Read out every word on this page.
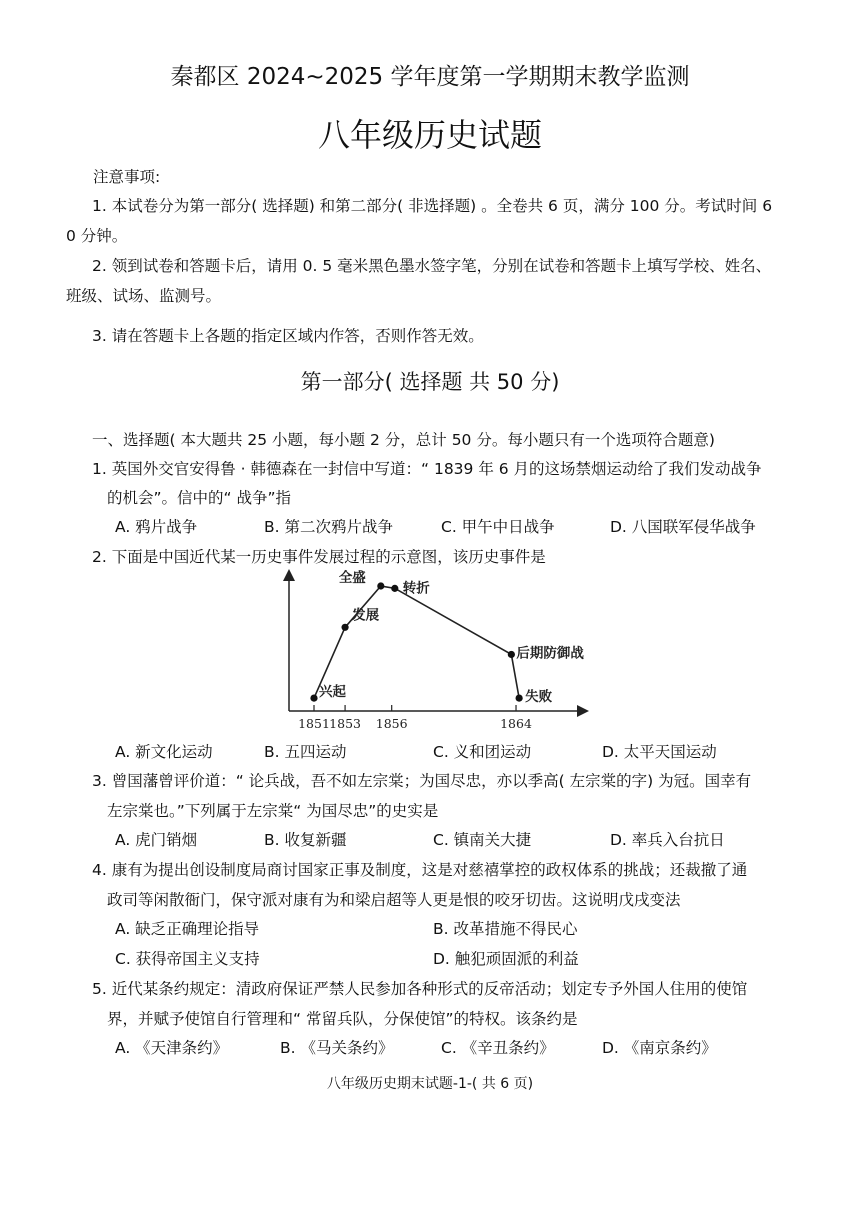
秦都区 2024~2025 学年度第一学期期末教学监测
八年级历史试题
注意事项:
1. 本试卷分为第一部分( 选择题) 和第二部分( 非选择题) 。全卷共 6 页，满分 100 分。考试时间 6
0 分钟。
2. 领到试卷和答题卡后，请用 0. 5 毫米黑色墨水签字笔，分别在试卷和答题卡上填写学校、姓名、
班级、试场、监测号。
3. 请在答题卡上各题的指定区域内作答，否则作答无效。
第一部分( 选择题 共 50 分)
一、选择题( 本大题共 25 小题，每小题 2 分，总计 50 分。每小题只有一个选项符合题意)
1. 英国外交官安得鲁 · 韩德森在一封信中写道：“ 1839 年 6 月的这场禁烟运动给了我们发动战争
的机会”。信中的“ 战争”指
A. 鸦片战争	B. 第二次鸦片战争	C. 甲午中日战争	D. 八国联军侵华战争
2. 下面是中国近代某一历史事件发展过程的示意图，该历史事件是
1851 1853 1856	1864
兴起
发展
全盛
转折
后期防御战
失败
A. 新文化运动	B. 五四运动	C. 义和团运动	D. 太平天国运动
3. 曾国藩曾评价道：“ 论兵战，吾不如左宗棠；为国尽忠，亦以季高( 左宗棠的字) 为冠。国幸有
左宗棠也。”下列属于左宗棠“ 为国尽忠”的史实是
A. 虎门销烟	B. 收复新疆	C. 镇南关大捷	D. 率兵入台抗日
4. 康有为提出创设制度局商讨国家正事及制度，这是对慈禧掌控的政权体系的挑战；还裁撤了通
政司等闲散衙门，保守派对康有为和梁启超等人更是恨的咬牙切齿。这说明戊戌变法
A. 缺乏正确理论指导	B. 改革措施不得民心
C. 获得帝国主义支持	D. 触犯顽固派的利益
5. 近代某条约规定：清政府保证严禁人民参加各种形式的反帝活动；划定专予外国人住用的使馆
界，并赋予使馆自行管理和“ 常留兵队，分保使馆”的特权。该条约是
A. 《天津条约》	B. 《马关条约》	C. 《辛丑条约》	D. 《南京条约》
八年级历史期末试题-1-( 共 6 页)
